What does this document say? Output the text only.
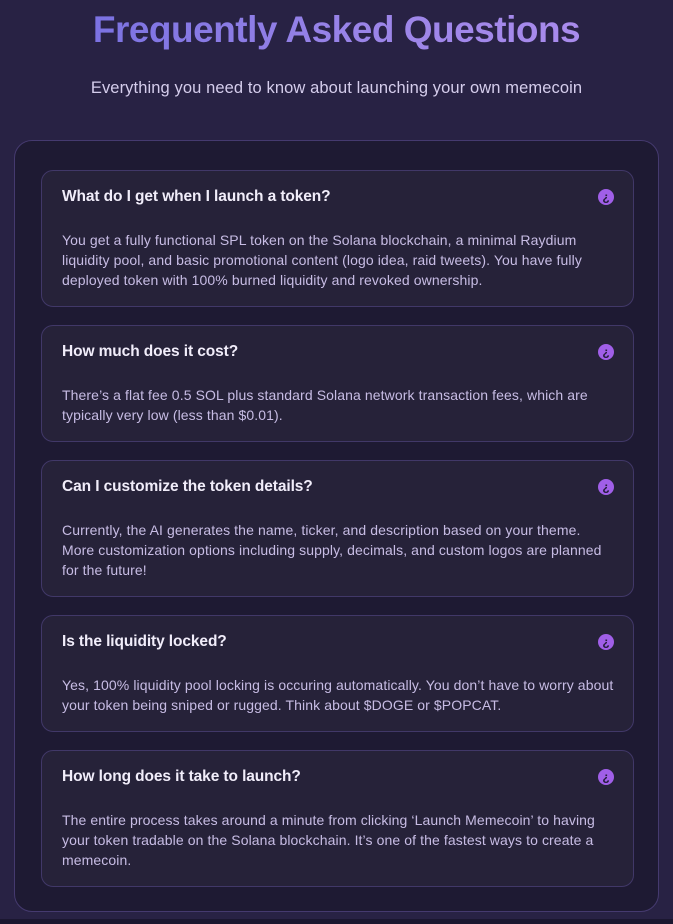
Frequently Asked Questions

Everything you need to know about launching your own memecoin

What do I get when I launch a token?	¿

You get a fully functional SPL token on the Solana blockchain, a minimal Raydium liquidity pool, and basic promotional content (logo idea, raid tweets). You have fully deployed token with 100% burned liquidity and revoked ownership.

How much does it cost?	¿

There’s a flat fee 0.5 SOL plus standard Solana network transaction fees, which are typically very low (less than $0.01).

Can I customize the token details?	¿

Currently, the AI generates the name, ticker, and description based on your theme. More customization options including supply, decimals, and custom logos are planned for the future!

Is the liquidity locked?	¿

Yes, 100% liquidity pool locking is occuring automatically. You don’t have to worry about your token being sniped or rugged. Think about $DOGE or $POPCAT.

How long does it take to launch?	¿

The entire process takes around a minute from clicking ‘Launch Memecoin’ to having your token tradable on the Solana blockchain. It’s one of the fastest ways to create a memecoin.
